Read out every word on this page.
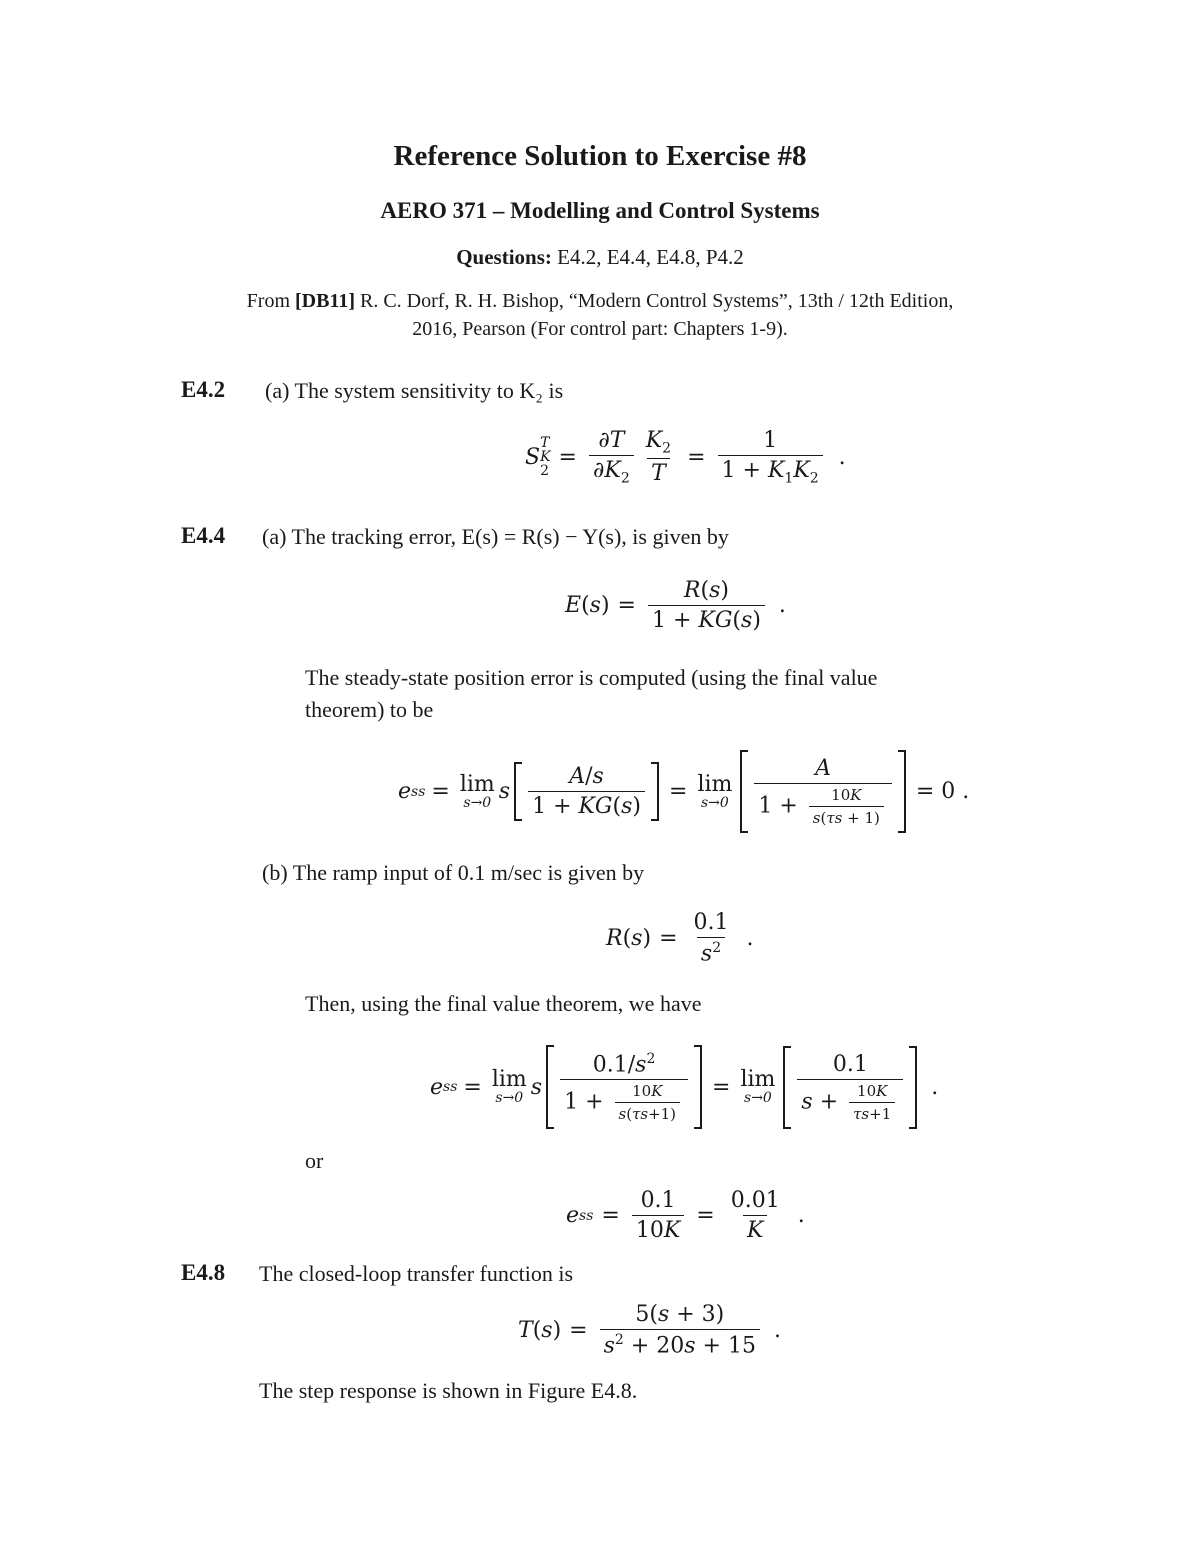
Reference Solution to Exercise #8
AERO 371 – Modelling and Control Systems
Questions: E4.2, E4.4, E4.8, P4.2
From [DB11] R. C. Dorf, R. H. Bishop, “Modern Control Systems”, 13th / 12th Edition,
2016, Pearson (For control part: Chapters 1-9).
E4.2 (a) The system sensitivity to K₂ is
S
T
K
2
= $\frac{\partial T}{\partial K_2} \frac{K_2}{T} = \frac{1}{1 + K_1K_2}$ .
E4.4 (a) The tracking error, E(s) = R(s) − Y(s), is given by
E ( s ) = $\frac{R(s)}{1 + KG(s)}$ .
The steady-state position error is computed (using the final value
theorem) to be
e ss = lim
s→0 s $\frac{A/s}{1 + KG(s)} = \lim$
$s\to 0 \frac{A}{1 + \frac{10K}{s(\tau s + 1)}} = 0$ .
(b) The ramp input of 0.1 m/sec is given by
R ( s ) = $\frac{0.1}{s^2}$ .
Then, using the final value theorem, we have
e ss = lim
s→0 s $\frac{0.1/s^2}{1 + \frac{10K}{s(\tau s+1)}} = \lim$
$s\to 0 \frac{0.1}{s + \frac{10K}{\tau s+1}}$ .
or
e ss = $\frac{0.1}{10K} = \frac{0.01}{K}$ .
E4.8 The closed-loop transfer function is
T ( s ) = $\frac{5(s + 3)}{s^2 + 20s + 15}$ .
The step response is shown in Figure E4.8.
